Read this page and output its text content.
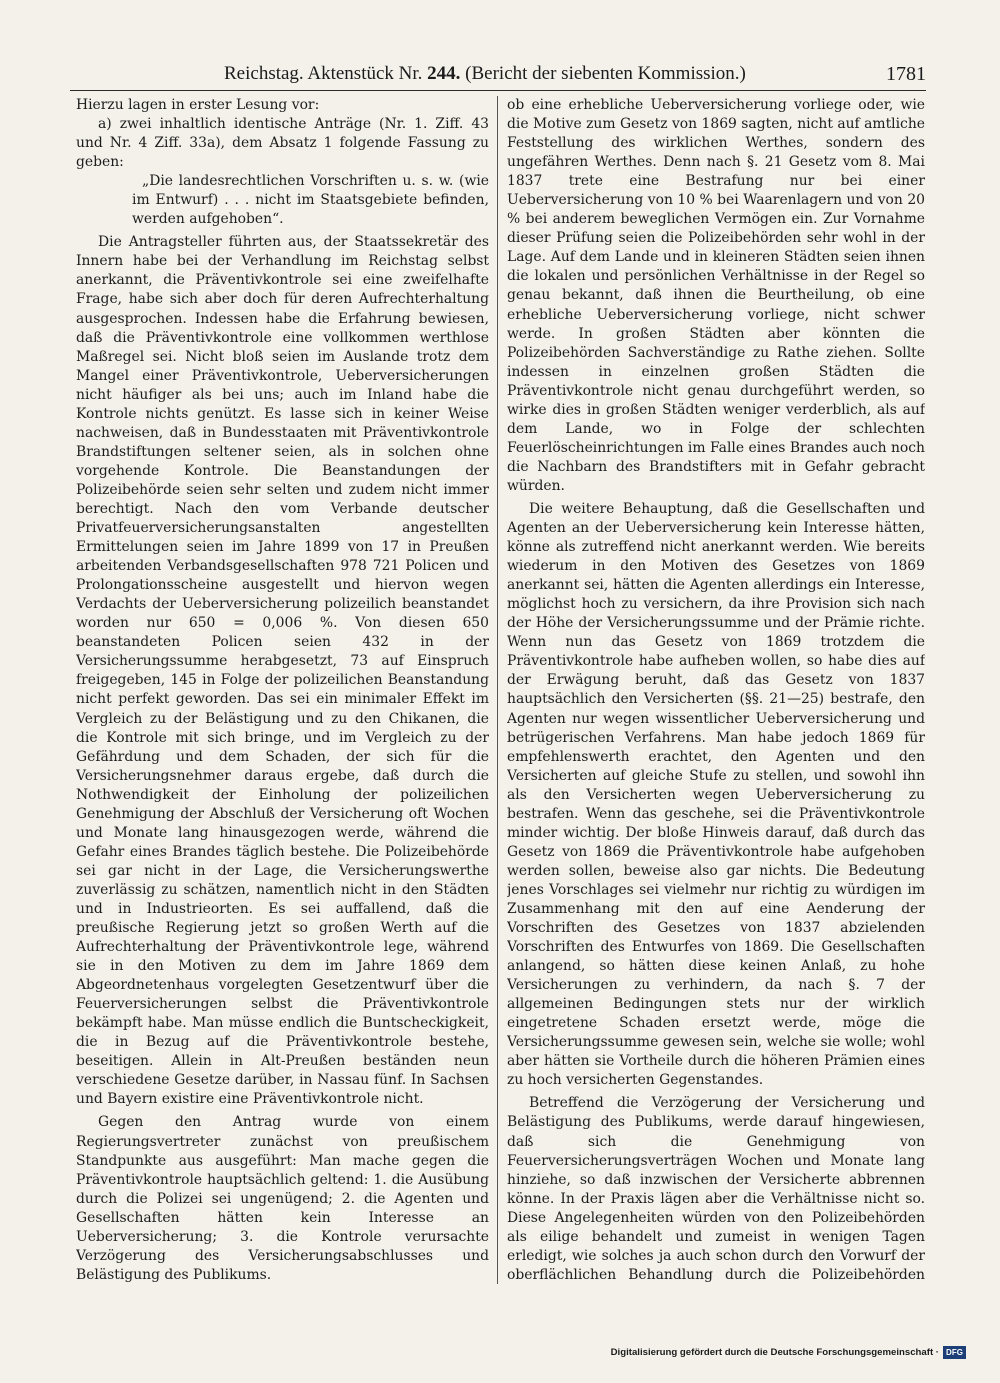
Reichstag. Aktenstück Nr. 244. (Bericht der siebenten Kommission.)	1781

Hierzu lagen in erster Lesung vor:

a) zwei inhaltlich identische Anträge (Nr. 1. Ziff. 43 und Nr. 4 Ziff. 33a), dem Absatz 1 folgende Fassung zu geben:

„Die landesrechtlichen Vorschriften u. s. w. (wie im Entwurf) . . . nicht im Staatsgebiete befinden, werden aufgehoben“.

Die Antragsteller führten aus, der Staatssekretär des Innern habe bei der Verhandlung im Reichstag selbst anerkannt, die Präventivkontrole sei eine zweifelhafte Frage, habe sich aber doch für deren Aufrechterhaltung ausgesprochen. Indessen habe die Erfahrung bewiesen, daß die Präventivkontrole eine vollkommen werthlose Maßregel sei. Nicht bloß seien im Auslande trotz dem Mangel einer Präventivkontrole, Ueberversicherungen nicht häufiger als bei uns; auch im Inland habe die Kontrole nichts genützt. Es lasse sich in keiner Weise nachweisen, daß in Bundesstaaten mit Präventivkontrole Brandstiftungen seltener seien, als in solchen ohne vorgehende Kontrole. Die Beanstandungen der Polizeibehörde seien sehr selten und zudem nicht immer berechtigt. Nach den vom Verbande deutscher Privatfeuerversicherungsanstalten angestellten Ermittelungen seien im Jahre 1899 von 17 in Preußen arbeitenden Verbandsgesellschaften 978 721 Policen und Prolongationsscheine ausgestellt und hiervon wegen Verdachts der Ueberversicherung polizeilich beanstandet worden nur 650 = 0,006 %. Von diesen 650 beanstandeten Policen seien 432 in der Versicherungssumme herabgesetzt, 73 auf Einspruch freigegeben, 145 in Folge der polizeilichen Beanstandung nicht perfekt geworden. Das sei ein minimaler Effekt im Vergleich zu der Belästigung und zu den Chikanen, die die Kontrole mit sich bringe, und im Vergleich zu der Gefährdung und dem Schaden, der sich für die Versicherungsnehmer daraus ergebe, daß durch die Nothwendigkeit der Einholung der polizeilichen Genehmigung der Abschluß der Versicherung oft Wochen und Monate lang hinausgezogen werde, während die Gefahr eines Brandes täglich bestehe. Die Polizeibehörde sei gar nicht in der Lage, die Versicherungswerthe zuverlässig zu schätzen, namentlich nicht in den Städten und in Industrieorten. Es sei auffallend, daß die preußische Regierung jetzt so großen Werth auf die Aufrechterhaltung der Präventivkontrole lege, während sie in den Motiven zu dem im Jahre 1869 dem Abgeordnetenhaus vorgelegten Gesetzentwurf über die Feuerversicherungen selbst die Präventivkontrole bekämpft habe. Man müsse endlich die Buntscheckigkeit, die in Bezug auf die Präventivkontrole bestehe, beseitigen. Allein in Alt-Preußen beständen neun verschiedene Gesetze darüber, in Nassau fünf. In Sachsen und Bayern existire eine Präventivkontrole nicht.

Gegen den Antrag wurde von einem Regierungsvertreter zunächst von preußischem Standpunkte aus ausgeführt: Man mache gegen die Präventivkontrole hauptsächlich geltend: 1. die Ausübung durch die Polizei sei ungenügend; 2. die Agenten und Gesellschaften hätten kein Interesse an Ueberversicherung; 3. die Kontrole verursachte Verzögerung des Versicherungsabschlusses und Belästigung des Publikums.

ob eine erhebliche Ueberversicherung vorliege oder, wie die Motive zum Gesetz von 1869 sagten, nicht auf amtliche Feststellung des wirklichen Werthes, sondern des ungefähren Werthes. Denn nach §. 21 Gesetz vom 8. Mai 1837 trete eine Bestrafung nur bei einer Ueberversicherung von 10 % bei Waarenlagern und von 20 % bei anderem beweglichen Vermögen ein. Zur Vornahme dieser Prüfung seien die Polizeibehörden sehr wohl in der Lage. Auf dem Lande und in kleineren Städten seien ihnen die lokalen und persönlichen Verhältnisse in der Regel so genau bekannt, daß ihnen die Beurtheilung, ob eine erhebliche Ueberversicherung vorliege, nicht schwer werde. In großen Städten aber könnten die Polizeibehörden Sachverständige zu Rathe ziehen. Sollte indessen in einzelnen großen Städten die Präventivkontrole nicht genau durchgeführt werden, so wirke dies in großen Städten weniger verderblich, als auf dem Lande, wo in Folge der schlechten Feuerlöscheinrichtungen im Falle eines Brandes auch noch die Nachbarn des Brandstifters mit in Gefahr gebracht würden.

Die weitere Behauptung, daß die Gesellschaften und Agenten an der Ueberversicherung kein Interesse hätten, könne als zutreffend nicht anerkannt werden. Wie bereits wiederum in den Motiven des Gesetzes von 1869 anerkannt sei, hätten die Agenten allerdings ein Interesse, möglichst hoch zu versichern, da ihre Provision sich nach der Höhe der Versicherungssumme und der Prämie richte. Wenn nun das Gesetz von 1869 trotzdem die Präventivkontrole habe aufheben wollen, so habe dies auf der Erwägung beruht, daß das Gesetz von 1837 hauptsächlich den Versicherten (§§. 21—25) bestrafe, den Agenten nur wegen wissentlicher Ueberversicherung und betrügerischen Verfahrens. Man habe jedoch 1869 für empfehlenswerth erachtet, den Agenten und den Versicherten auf gleiche Stufe zu stellen, und sowohl ihn als den Versicherten wegen Ueberversicherung zu bestrafen. Wenn das geschehe, sei die Präventivkontrole minder wichtig. Der bloße Hinweis darauf, daß durch das Gesetz von 1869 die Präventivkontrole habe aufgehoben werden sollen, beweise also gar nichts. Die Bedeutung jenes Vorschlages sei vielmehr nur richtig zu würdigen im Zusammenhang mit den auf eine Aenderung der Vorschriften des Gesetzes von 1837 abzielenden Vorschriften des Entwurfes von 1869. Die Gesellschaften anlangend, so hätten diese keinen Anlaß, zu hohe Versicherungen zu verhindern, da nach §. 7 der allgemeinen Bedingungen stets nur der wirklich eingetretene Schaden ersetzt werde, möge die Versicherungssumme gewesen sein, welche sie wolle; wohl aber hätten sie Vortheile durch die höheren Prämien eines zu hoch versicherten Gegenstandes.

Betreffend die Verzögerung der Versicherung und Belästigung des Publikums, werde darauf hingewiesen, daß sich die Genehmigung von Feuerversicherungsverträgen Wochen und Monate lang hinziehe, so daß inzwischen der Versicherte abbrennen könne. In der Praxis lägen aber die Verhältnisse nicht so. Diese Angelegenheiten würden von den Polizeibehörden als eilige behandelt und zumeist in wenigen Tagen erledigt, wie solches ja auch schon durch den Vorwurf der oberflächlichen Behandlung durch die Polizeibehörden

Digitalisierung gefördert durch die Deutsche Forschungsgemeinschaft · DFG
